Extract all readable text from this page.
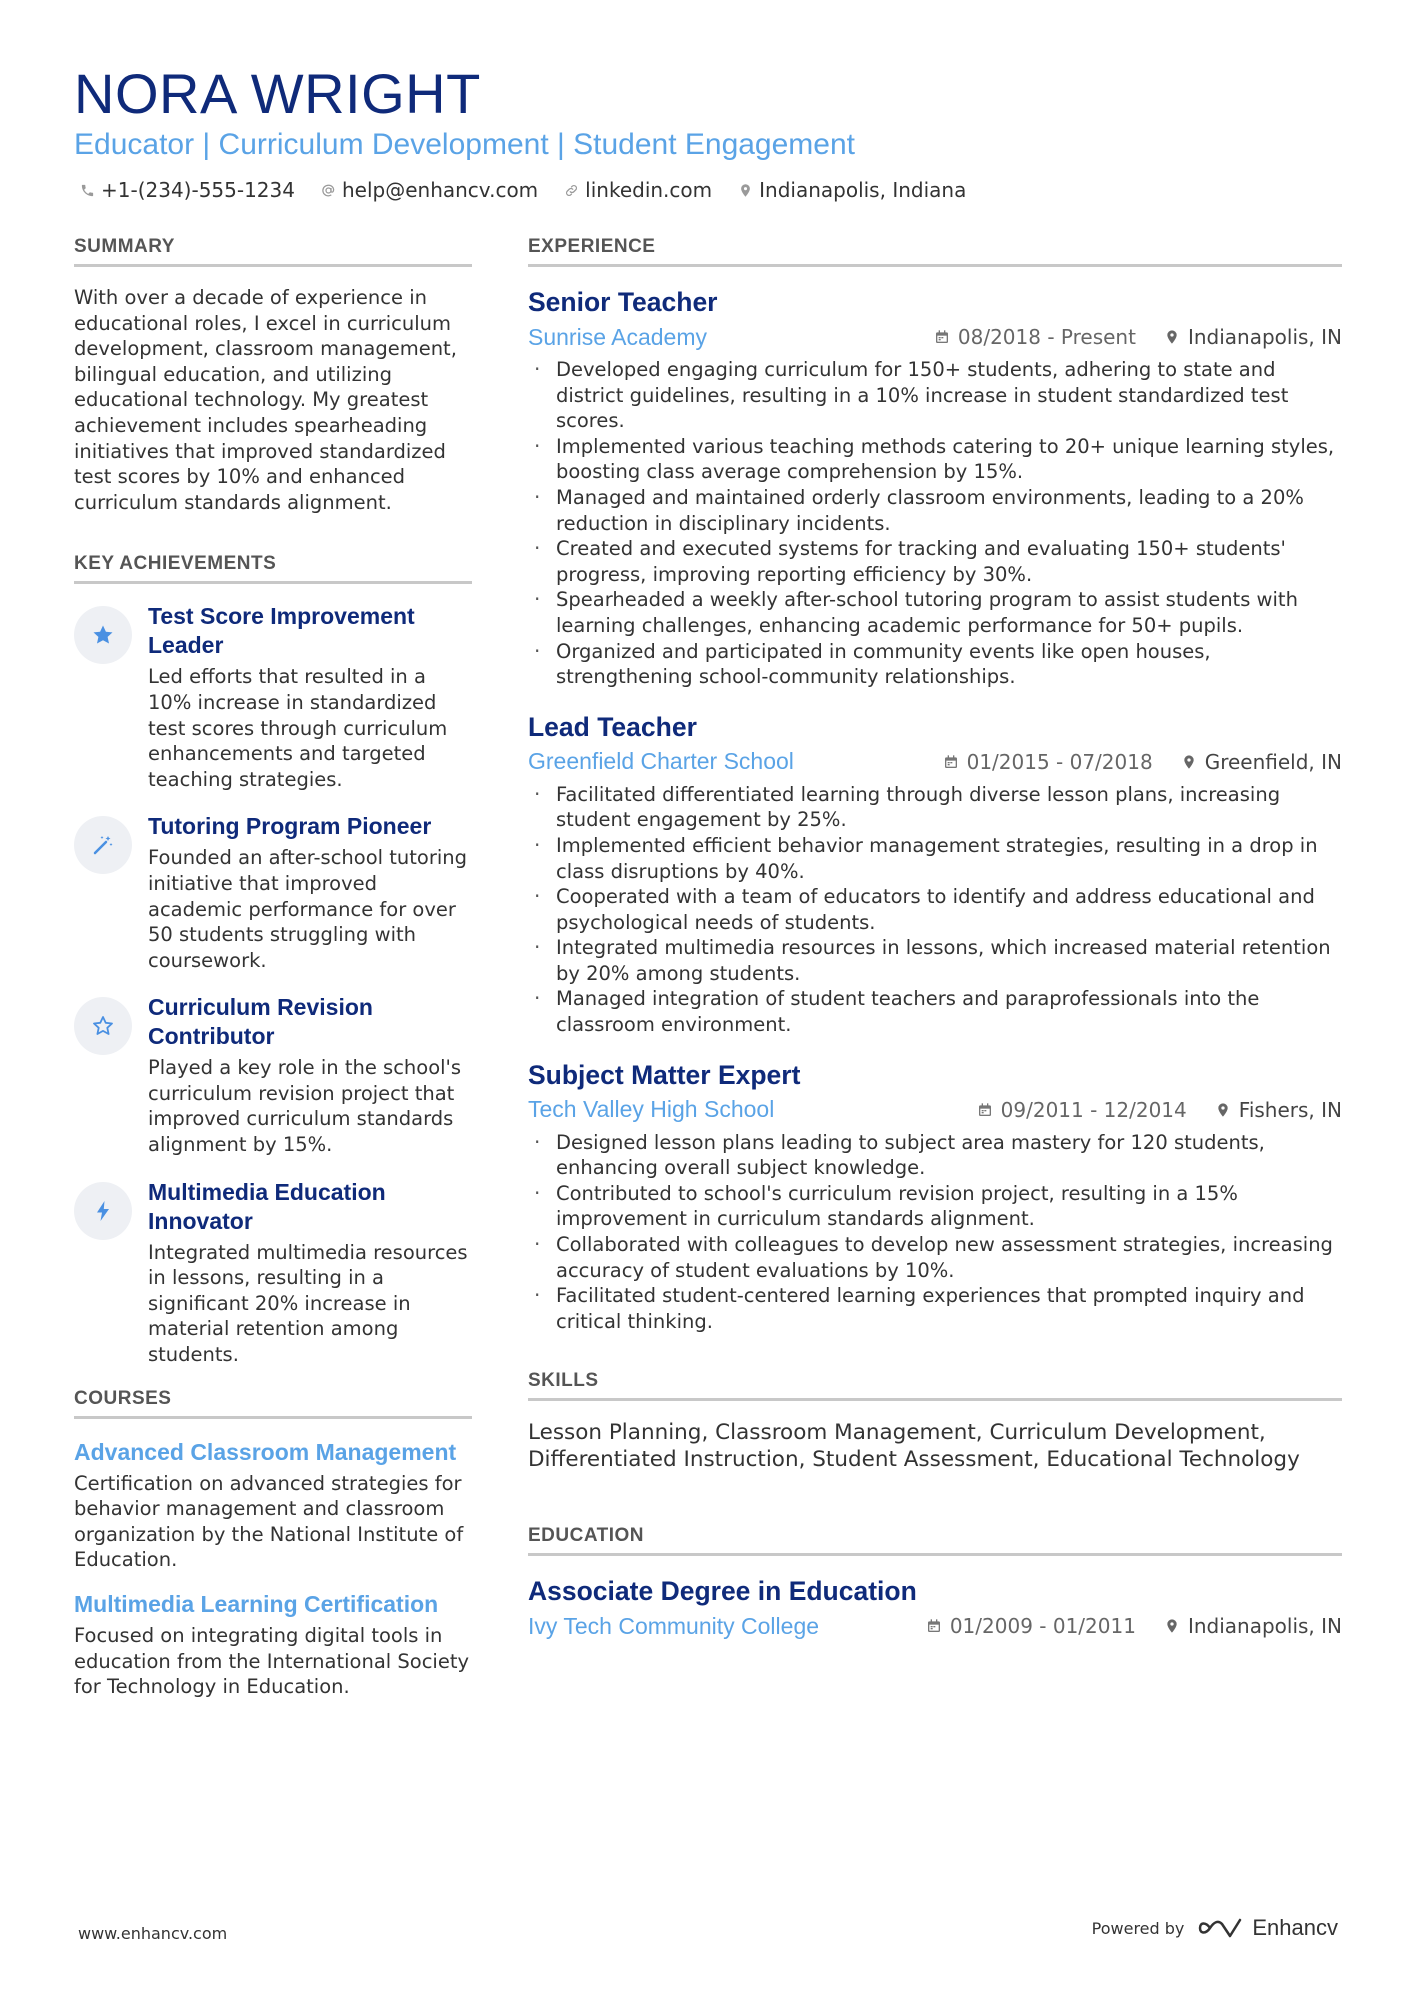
NORA WRIGHT
Educator | Curriculum Development | Student Engagement
+1-(234)-555-1234 help@enhancv.com linkedin.com Indianapolis, Indiana
SUMMARY

With over a decade of experience in educational roles, I excel in curriculum development, classroom management, bilingual education, and utilizing educational technology. My greatest achievement includes spearheading initiatives that improved standardized test scores by 10% and enhanced curriculum standards alignment.

KEY ACHIEVEMENTS
Test Score Improvement Leader

Led efforts that resulted in a 10% increase in standardized test scores through curriculum enhancements and targeted teaching strategies.

Tutoring Program Pioneer

Founded an after-school tutoring initiative that improved academic performance for over 50 students struggling with coursework.

Curriculum Revision Contributor

Played a key role in the school's curriculum revision project that improved curriculum standards alignment by 15%.

Multimedia Education Innovator

Integrated multimedia resources in lessons, resulting in a significant 20% increase in material retention among students.

COURSES
Advanced Classroom Management

Certification on advanced strategies for behavior management and classroom organization by the National Institute of Education.

Multimedia Learning Certification

Focused on integrating digital tools in education from the International Society for Technology in Education.

EXPERIENCE
Senior Teacher
Sunrise Academy	08/2018 - Present	Indianapolis, IN
· Developed engaging curriculum for 150+ students, adhering to state and district guidelines, resulting in a 10% increase in student standardized test scores.
· Implemented various teaching methods catering to 20+ unique learning styles, boosting class average comprehension by 15%.
· Managed and maintained orderly classroom environments, leading to a 20% reduction in disciplinary incidents.
· Created and executed systems for tracking and evaluating 150+ students' progress, improving reporting efficiency by 30%.
· Spearheaded a weekly after-school tutoring program to assist students with learning challenges, enhancing academic performance for 50+ pupils.
· Organized and participated in community events like open houses, strengthening school-community relationships.
Lead Teacher
Greenfield Charter School	01/2015 - 07/2018	Greenfield, IN
· Facilitated differentiated learning through diverse lesson plans, increasing student engagement by 25%.
· Implemented efficient behavior management strategies, resulting in a drop in class disruptions by 40%.
· Cooperated with a team of educators to identify and address educational and psychological needs of students.
· Integrated multimedia resources in lessons, which increased material retention by 20% among students.
· Managed integration of student teachers and paraprofessionals into the classroom environment.
Subject Matter Expert
Tech Valley High School	09/2011 - 12/2014	Fishers, IN
· Designed lesson plans leading to subject area mastery for 120 students, enhancing overall subject knowledge.
· Contributed to school's curriculum revision project, resulting in a 15% improvement in curriculum standards alignment.
· Collaborated with colleagues to develop new assessment strategies, increasing accuracy of student evaluations by 10%.
· Facilitated student-centered learning experiences that prompted inquiry and critical thinking.
SKILLS

Lesson Planning, Classroom Management, Curriculum Development, Differentiated Instruction, Student Assessment, Educational Technology

EDUCATION
Associate Degree in Education
Ivy Tech Community College	01/2009 - 01/2011	Indianapolis, IN
www.enhancv.com	Powered by	Enhancv
